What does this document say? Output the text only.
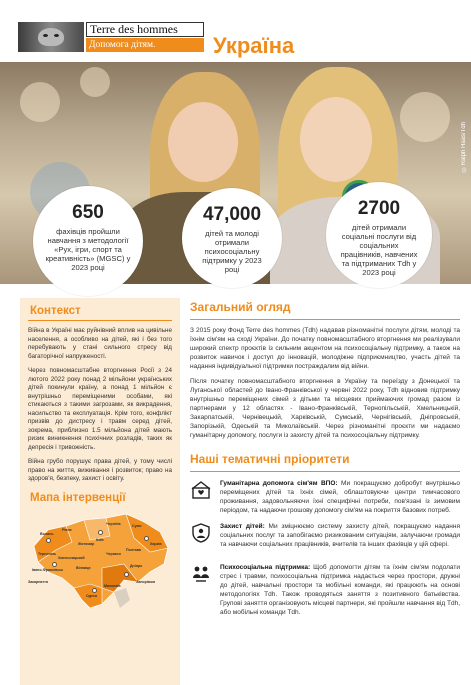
Terre des hommes
Допомога дітям.	Україна
©Ralph Haas/Tdh
650
фахівців пройшли навчання з методології «Рух, ігри, спорт та креативність» (MGSC) у 2023 році
47,000
дітей та молоді отримали психосоціальну підтримку у 2023 році
2700
дітей отримали соціальні послуги від соціальних працівників, навчених та підтриманих Tdh у 2023 році
Контекст

Війна в Україні має руйнівний вплив на цивільне населення, а особливо на дітей, які і без того перебувають у стані сильного стресу від багаторічної напруженості.

Через повномасштабне вторгнення Росії з 24 лютого 2022 року понад 2 мільйони українських дітей покинули країну, а понад 1 мільйон є внутрішньо переміщеними особами, які стикаються з такими загрозами, як викрадення, насильство та експлуатація. Крім того, конфлікт призвів до дистресу і травм серед дітей, зокрема, приблизно 1.5 мільйона дітей мають ризик виникнення психічних розладів, таких як депресія і тривожність.

Війна грубо порушує права дітей, у тому числі право на життя, виживання і розвиток; право на здоров'я, безпеку, захист і освіту.

Мапа інтервенції
Волинь
Рівне
Київ
Житомир
Чернігів	Суми
Харків
Тернопіль
Хмельницький
Черкаси
Полтава
Івано-Франківськ	Вінниця	Дніпро
Запоріжжя
Миколаїв
Одеса
Закарпаття
Загальний огляд

З 2015 року Фонд Terre des hommes (Tdh) надавав різноманітні послуги дітям, молоді та їхнім сім'ям на сході України. До початку повномасштабного вторгнення ми реалізували широкий спектр проєктів із сильним акцентом на психосоціальну підтримку, а також на розвиток навичок і доступ до інновацій, молодіжне підприємництво, участь дітей та надання індивідуальної підтримки постраждалим від війни.

Після початку повномасштабного вторгнення в Україну та переїзду з Донецької та Луганської областей до Івано-Франківської у червні 2022 року, Tdh відновив підтримку внутрішньо переміщених сімей з дітьми та місцевих приймаючих громад разом із партнерами у 12 областях - Івано-Франківській, Тернопільській, Хмельницькій, Закарпатській, Чернівецькій, Харківській, Сумській, Чернігівській, Дніпровській, Запорізькій, Одеській та Миколаївській. Через різноманітні проєкти ми надаємо гуманітарну допомогу, послуги із захисту дітей та психосоціальну підтримку.

Наші тематичні пріоритети
Гуманітарна допомога сім'ям ВПО: Ми покращуємо добробут внутрішньо переміщених дітей та їхніх сімей, облаштовуючи центри тимчасового проживання, задовольняючи їхні специфічні потреби, пов'язані із зимовим періодом, та надаючи грошову допомогу сім'ям на покриття базових потреб.
Захист дітей: Ми зміцнюємо систему захисту дітей, покращуємо надання соціальних послуг та запобігаємо ризикованим ситуаціям, залучаючи громади та навчаючи соціальних працівників, вчителів та інших фахівців у цій сфері.
Психосоціальна підтримка: Щоб допомогти дітям та їхнім сім'ям подолати стрес і травми, психосоціальна підтримка надається через простори, дружні до дітей, навчальні простори та мобільні команди, які працюють на основі методологіях Tdh. Також проводяться заняття з позитивного батьківства. Групові заняття організовують місцеві партнери, які пройшли навчання від Tdh, або мобільні команди Tdh.
